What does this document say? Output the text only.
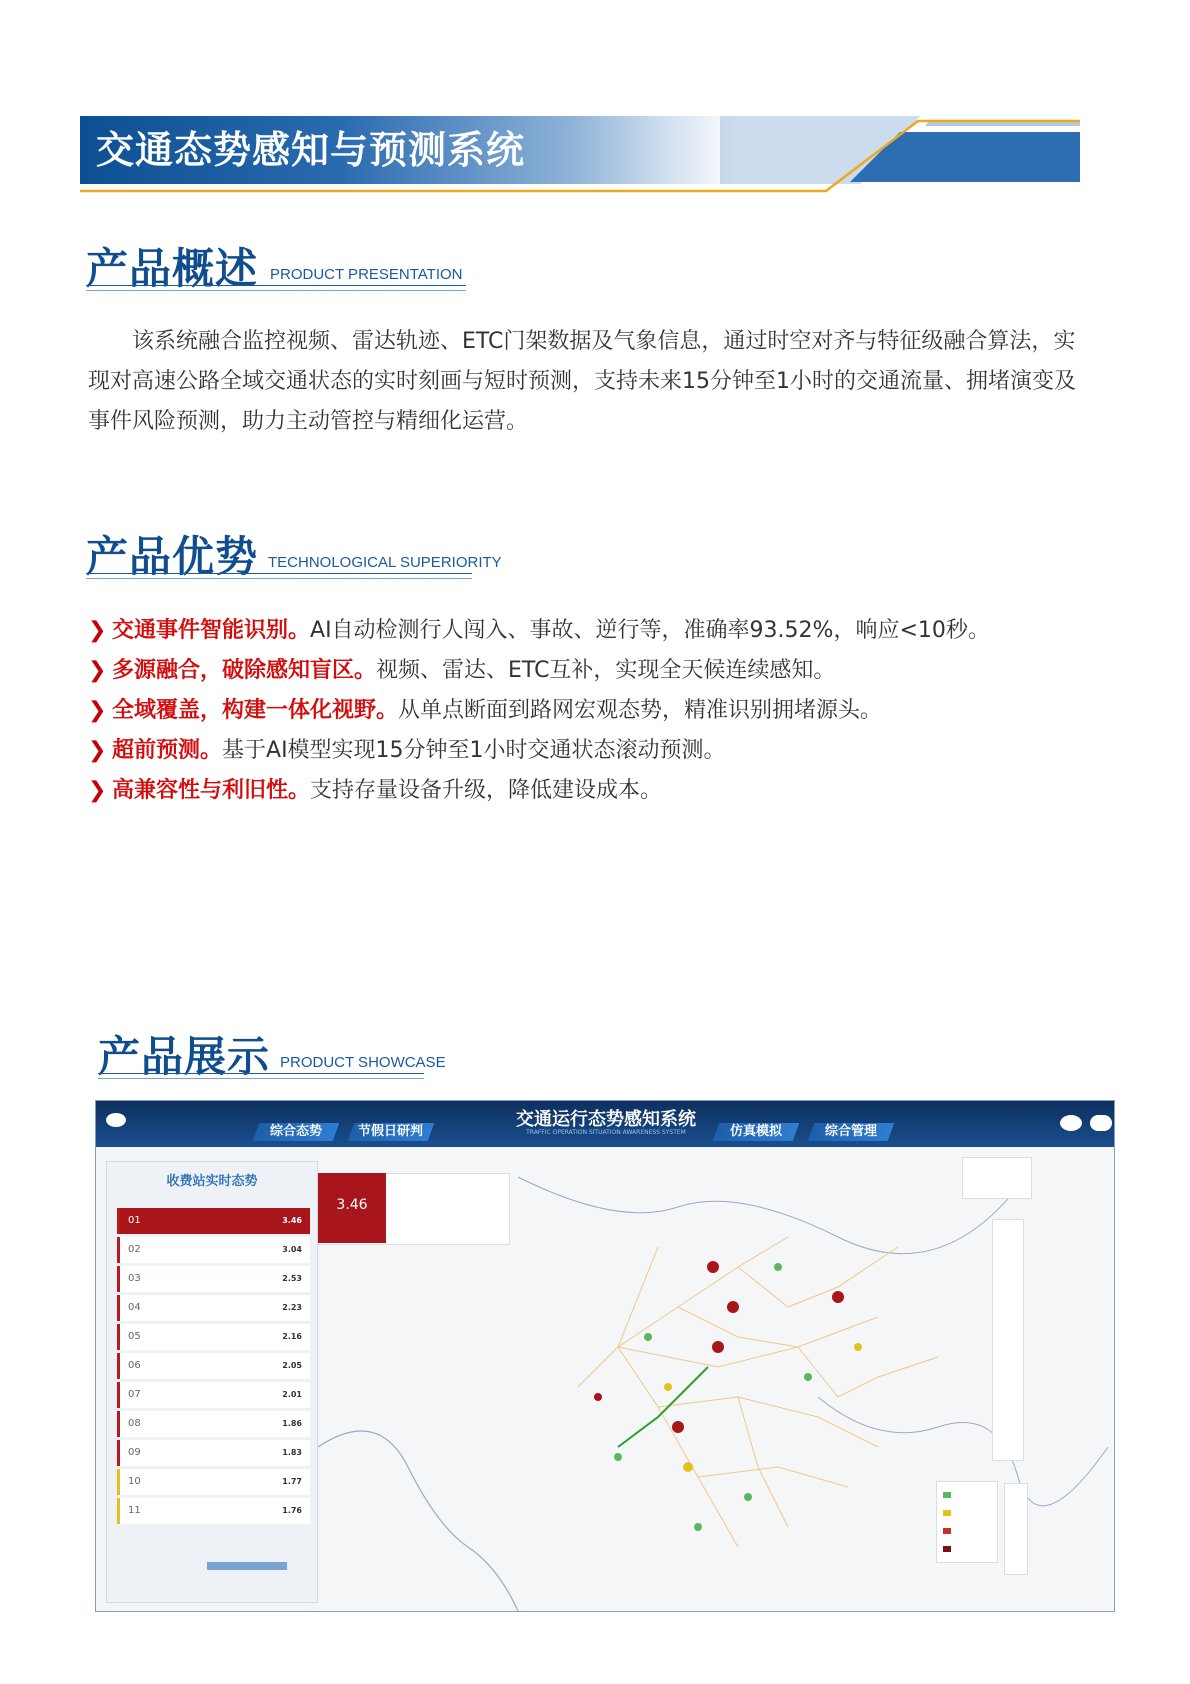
交通态势感知与预测系统
产品概述 PRODUCT PRESENTATION
该系统融合监控视频、雷达轨迹、ETC门架数据及气象信息，通过时空对齐与特征级融合算法，实现对高速公路全域交通状态的实时刻画与短时预测，支持未来15分钟至1小时的交通流量、拥堵演变及事件风险预测，助力主动管控与精细化运营。
产品优势 TECHNOLOGICAL SUPERIORITY
❯ 交通事件智能识别。AI自动检测行人闯入、事故、逆行等，准确率93.52%，响应<10秒。
❯ 多源融合，破除感知盲区。视频、雷达、ETC互补，实现全天候连续感知。
❯ 全域覆盖，构建一体化视野。从单点断面到路网宏观态势，精准识别拥堵源头。
❯ 超前预测。基于AI模型实现15分钟至1小时交通状态滚动预测。
❯ 高兼容性与利旧性。支持存量设备升级，降低建设成本。
产品展示 PRODUCT SHOWCASE
交通运行态势感知系统
TRAFFIC OPERATION SITUATION AWARENESS SYSTEM
综合态势	节假日研判	仿真模拟	综合管理
收费站实时态势
01	3.46
02	3.04
03	2.53
04	2.23
05	2.16
06	2.05
07	2.01
08	1.86
09	1.83
10	1.77
11	1.76
3.46
